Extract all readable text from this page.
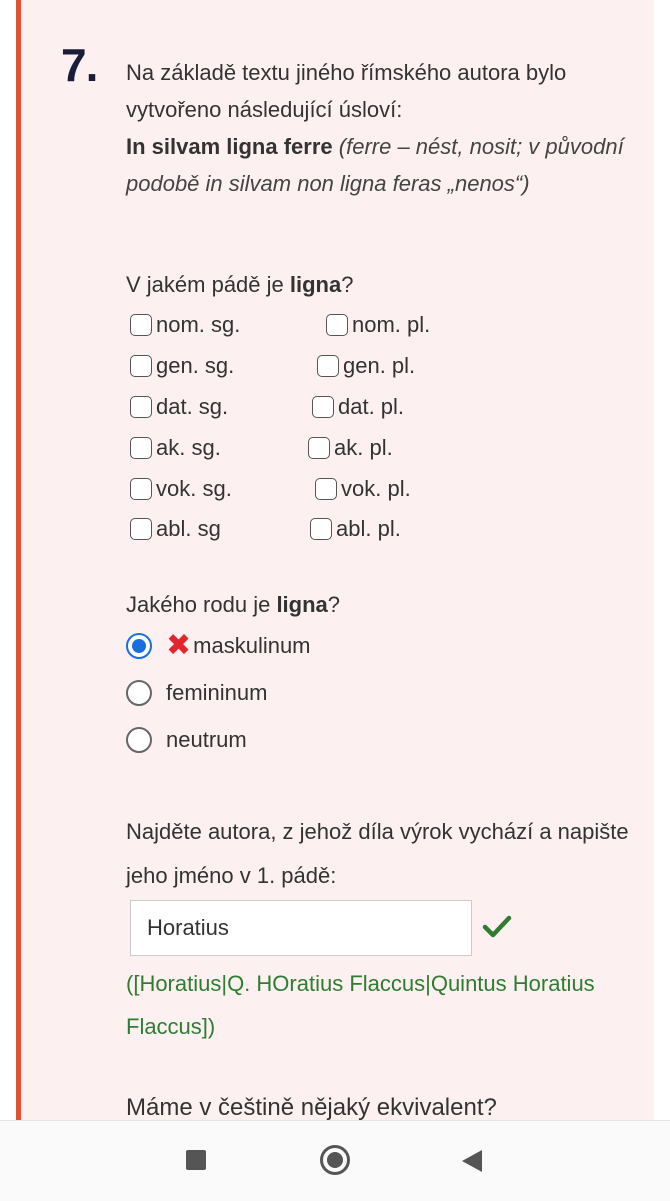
7. Na základě textu jiného římského autora bylo vytvořeno následující úsloví:
In silvam ligna ferre (ferre – nést, nosit; v původní podobě in silvam non ligna feras „nenos“)
V jakém pádě je ligna?
nom. sg.	nom. pl.
gen. sg.	gen. pl.
dat. sg.	dat. pl.
ak. sg.	ak. pl.
vok. sg.	vok. pl.
abl. sg	abl. pl.
Jakého rodu je ligna?
✖ maskulinum
femininum
neutrum
Najděte autora, z jehož díla výrok vychází a napište jeho jméno v 1. pádě:
Horatius
([Horatius|Q. HOratius Flaccus|Quintus Horatius Flaccus])
Máme v češtině nějaký ekvivalent?
